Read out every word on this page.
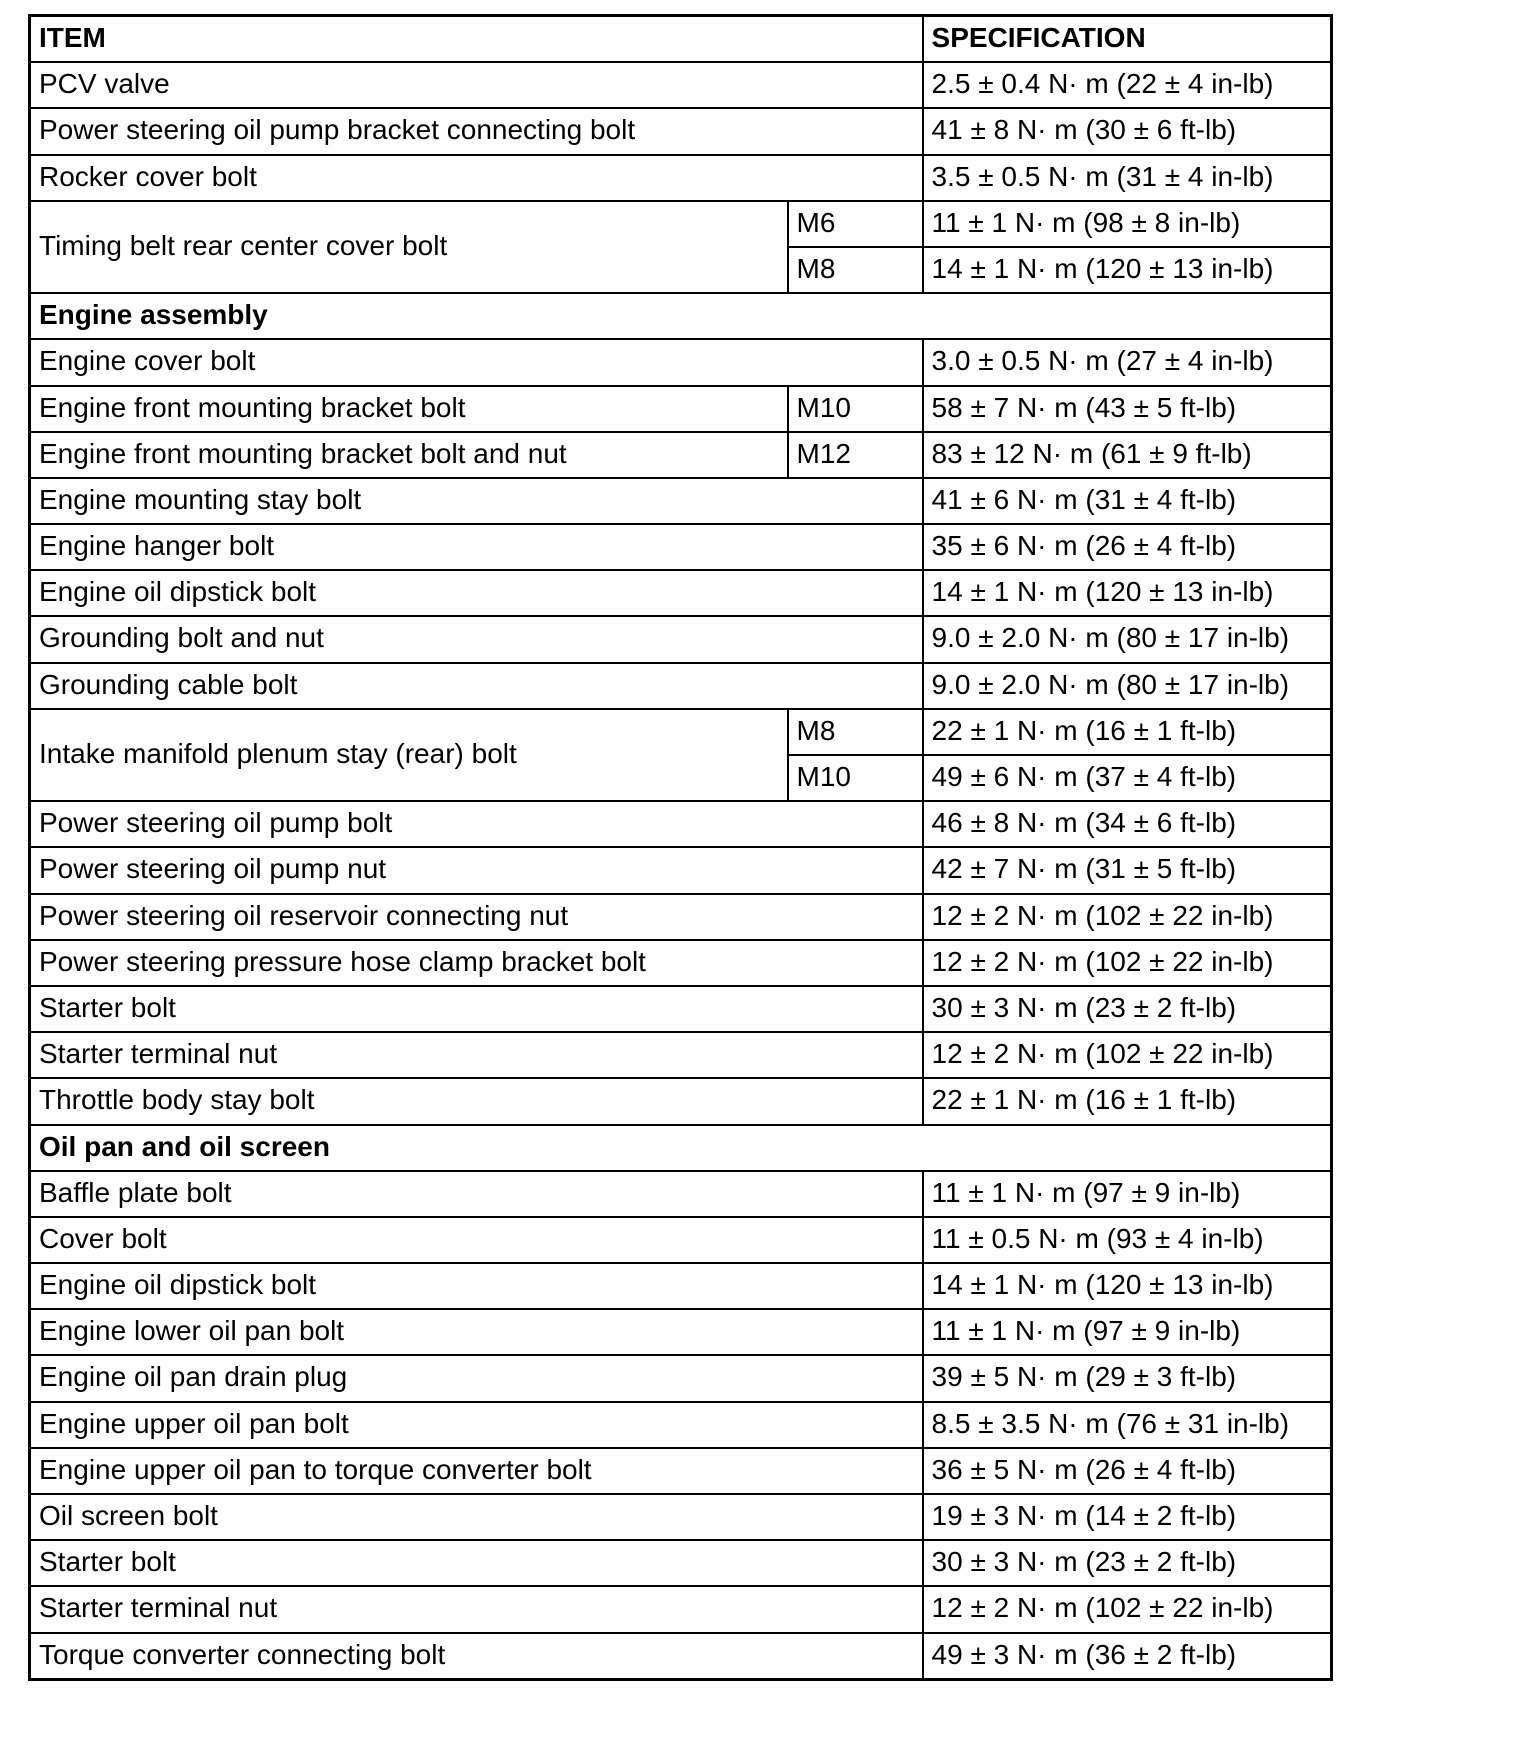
ITEM		SPECIFICATION
PCV valve		2.5 ± 0.4 N· m (22 ± 4 in-lb)
Power steering oil pump bracket connecting bolt		41 ± 8 N· m (30 ± 6 ft-lb)
Rocker cover bolt		3.5 ± 0.5 N· m (31 ± 4 in-lb)
Timing belt rear center cover bolt	M6	11 ± 1 N· m (98 ± 8 in-lb)
	M8	14 ± 1 N· m (120 ± 13 in-lb)
Engine assembly		
Engine cover bolt		3.0 ± 0.5 N· m (27 ± 4 in-lb)
Engine front mounting bracket bolt	M10	58 ± 7 N· m (43 ± 5 ft-lb)
Engine front mounting bracket bolt and nut	M12	83 ± 12 N· m (61 ± 9 ft-lb)
Engine mounting stay bolt		41 ± 6 N· m (31 ± 4 ft-lb)
Engine hanger bolt		35 ± 6 N· m (26 ± 4 ft-lb)
Engine oil dipstick bolt		14 ± 1 N· m (120 ± 13 in-lb)
Grounding bolt and nut		9.0 ± 2.0 N· m (80 ± 17 in-lb)
Grounding cable bolt		9.0 ± 2.0 N· m (80 ± 17 in-lb)
Intake manifold plenum stay (rear) bolt	M8	22 ± 1 N· m (16 ± 1 ft-lb)
	M10	49 ± 6 N· m (37 ± 4 ft-lb)
Power steering oil pump bolt		46 ± 8 N· m (34 ± 6 ft-lb)
Power steering oil pump nut		42 ± 7 N· m (31 ± 5 ft-lb)
Power steering oil reservoir connecting nut		12 ± 2 N· m (102 ± 22 in-lb)
Power steering pressure hose clamp bracket bolt		12 ± 2 N· m (102 ± 22 in-lb)
Starter bolt		30 ± 3 N· m (23 ± 2 ft-lb)
Starter terminal nut		12 ± 2 N· m (102 ± 22 in-lb)
Throttle body stay bolt		22 ± 1 N· m (16 ± 1 ft-lb)
Oil pan and oil screen		
Baffle plate bolt		11 ± 1 N· m (97 ± 9 in-lb)
Cover bolt		11 ± 0.5 N· m (93 ± 4 in-lb)
Engine oil dipstick bolt		14 ± 1 N· m (120 ± 13 in-lb)
Engine lower oil pan bolt		11 ± 1 N· m (97 ± 9 in-lb)
Engine oil pan drain plug		39 ± 5 N· m (29 ± 3 ft-lb)
Engine upper oil pan bolt		8.5 ± 3.5 N· m (76 ± 31 in-lb)
Engine upper oil pan to torque converter bolt		36 ± 5 N· m (26 ± 4 ft-lb)
Oil screen bolt		19 ± 3 N· m (14 ± 2 ft-lb)
Starter bolt		30 ± 3 N· m (23 ± 2 ft-lb)
Starter terminal nut		12 ± 2 N· m (102 ± 22 in-lb)
Torque converter connecting bolt		49 ± 3 N· m (36 ± 2 ft-lb)
